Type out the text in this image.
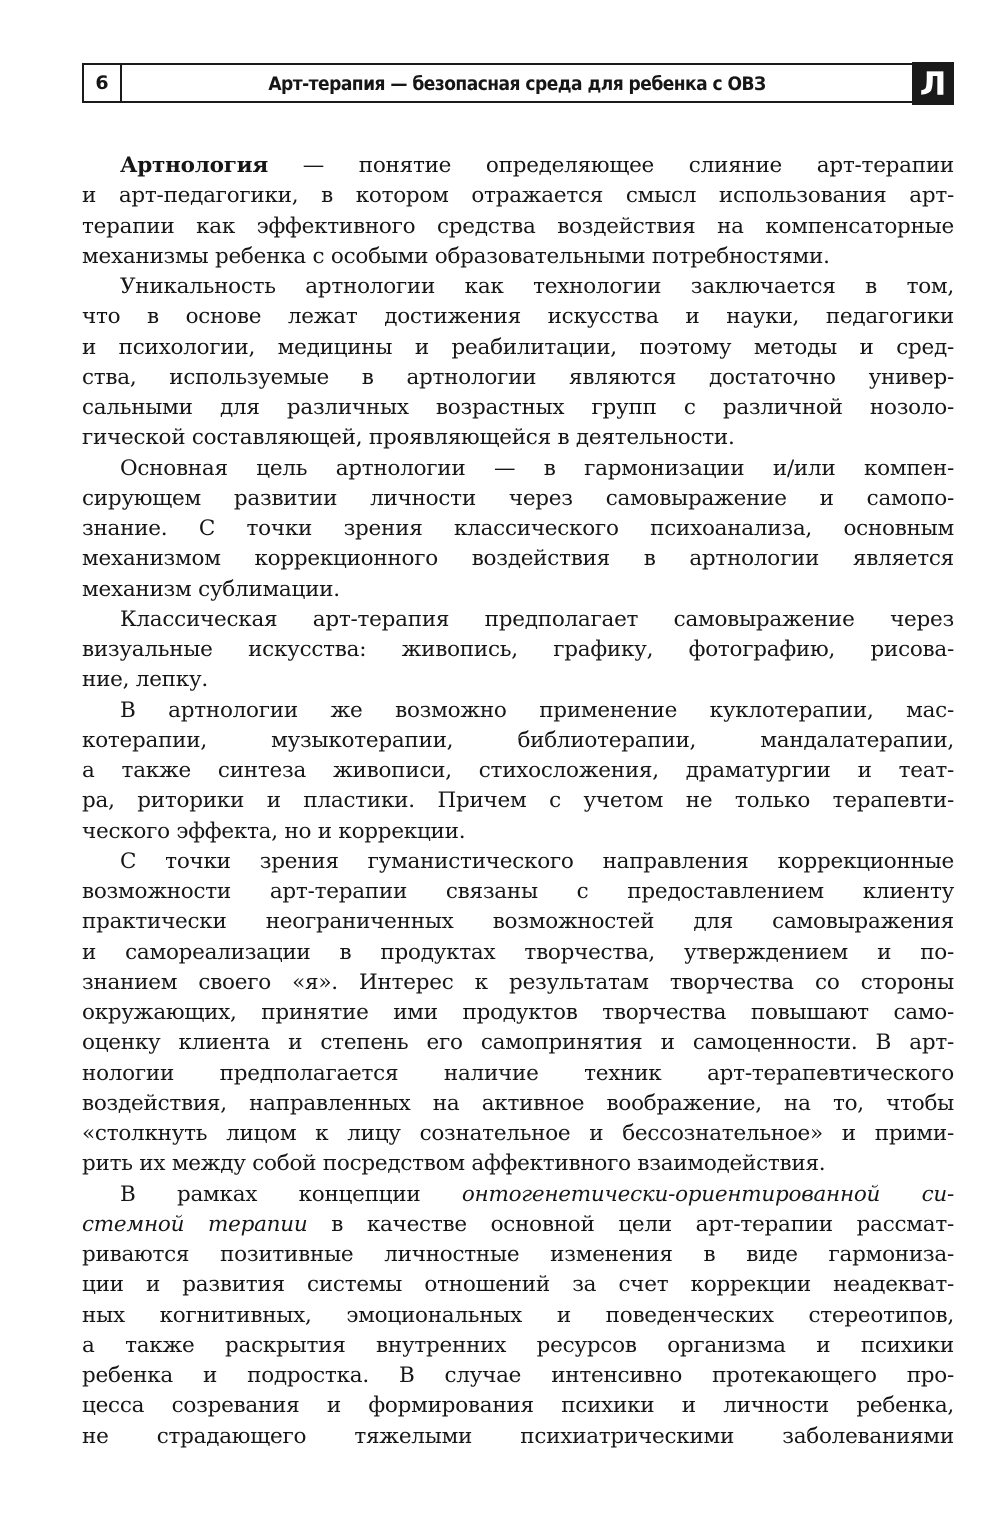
6	Арт-терапия — безопасная среда для ребенка с ОВЗ	Л
Артнология — понятие определяющее слияние арт-терапии
и арт-педагогики, в котором отражается смысл использования арт-
терапии как эффективного средства воздействия на компенсаторные
механизмы ребенка с особыми образовательными потребностями.
Уникальность артнологии как технологии заключается в том,
что в основе лежат достижения искусства и науки, педагогики
и психологии, медицины и реабилитации, поэтому методы и сред-
ства, используемые в артнологии являются достаточно универ-
сальными для различных возрастных групп с различной нозоло-
гической составляющей, проявляющейся в деятельности.
Основная цель артнологии — в гармонизации и/или компен-
сирующем развитии личности через самовыражение и самопо-
знание. С точки зрения классического психоанализа, основным
механизмом коррекционного воздействия в артнологии является
механизм сублимации.
Классическая арт-терапия предполагает самовыражение через
визуальные искусства: живопись, графику, фотографию, рисова-
ние, лепку.
В артнологии же возможно применение куклотерапии, мас-
котерапии, музыкотерапии, библиотерапии, мандалатерапии,
а также синтеза живописи, стихосложения, драматургии и теат-
ра, риторики и пластики. Причем с учетом не только терапевти-
ческого эффекта, но и коррекции.
С точки зрения гуманистического направления коррекционные
возможности арт-терапии связаны с предоставлением клиенту
практически неограниченных возможностей для самовыражения
и самореализации в продуктах творчества, утверждением и по-
знанием своего «я». Интерес к результатам творчества со стороны
окружающих, принятие ими продуктов творчества повышают само-
оценку клиента и степень его самопринятия и самоценности. В арт-
нологии предполагается наличие техник арт-терапевтического
воздействия, направленных на активное воображение, на то, чтобы
«столкнуть лицом к лицу сознательное и бессознательное» и прими-
рить их между собой посредством аффективного взаимодействия.
В рамках концепции онтогенетически-ориентированной си-
стемной терапии в качестве основной цели арт-терапии рассмат-
риваются позитивные личностные изменения в виде гармониза-
ции и развития системы отношений за счет коррекции неадекват-
ных когнитивных, эмоциональных и поведенческих стереотипов,
а также раскрытия внутренних ресурсов организма и психики
ребенка и подростка. В случае интенсивно протекающего про-
цесса созревания и формирования психики и личности ребенка,
не страдающего тяжелыми психиатрическими заболеваниями
